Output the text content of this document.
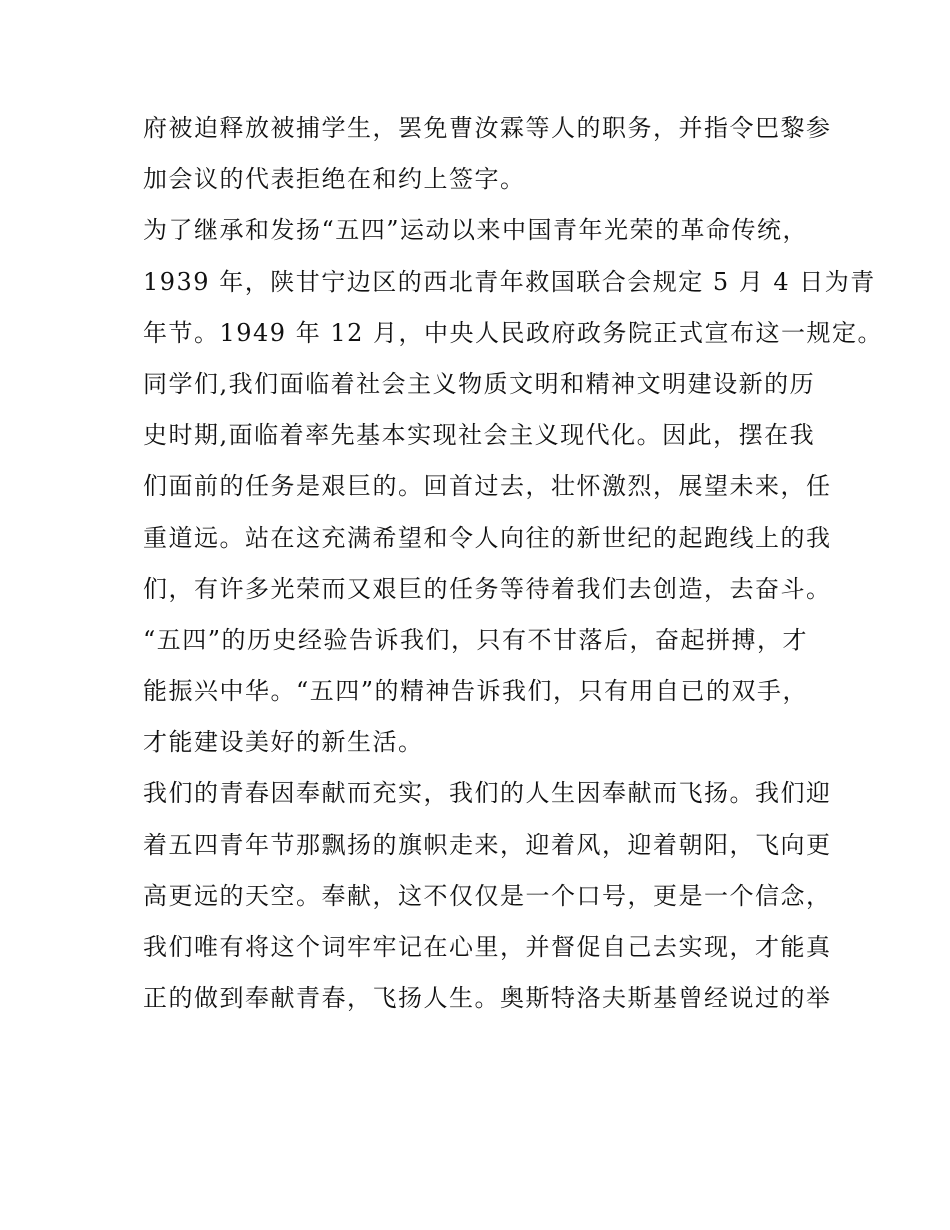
府被迫释放被捕学生，罢免曹汝霖等人的职务，并指令巴黎参
加会议的代表拒绝在和约上签字。
为了继承和发扬“五四”运动以来中国青年光荣的革命传统，
1939 年，陕甘宁边区的西北青年救国联合会规定 5 月 4 日为青
年节。1949 年 12 月，中央人民政府政务院正式宣布这一规定。
同学们,我们面临着社会主义物质文明和精神文明建设新的历
史时期,面临着率先基本实现社会主义现代化。因此，摆在我
们面前的任务是艰巨的。回首过去，壮怀激烈，展望未来，任
重道远。站在这充满希望和令人向往的新世纪的起跑线上的我
们，有许多光荣而又艰巨的任务等待着我们去创造，去奋斗。
“五四”的历史经验告诉我们，只有不甘落后，奋起拼搏，才
能振兴中华。“五四”的精神告诉我们，只有用自已的双手，
才能建设美好的新生活。
我们的青春因奉献而充实，我们的人生因奉献而飞扬。我们迎
着五四青年节那飘扬的旗帜走来，迎着风，迎着朝阳，飞向更
高更远的天空。奉献，这不仅仅是一个口号，更是一个信念，
我们唯有将这个词牢牢记在心里，并督促自己去实现，才能真
正的做到奉献青春，飞扬人生。奥斯特洛夫斯基曾经说过的举
